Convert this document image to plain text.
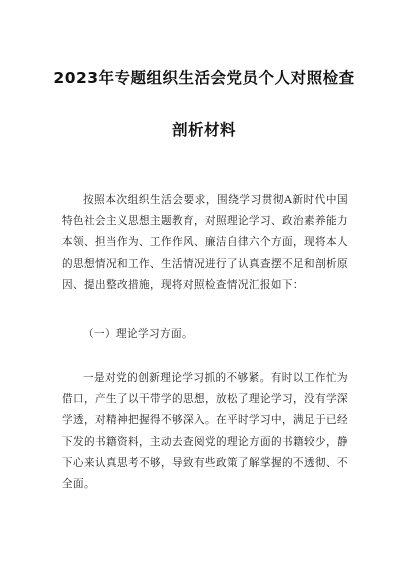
2023年专题组织生活会党员个人对照检查
剖析材料
按照本次组织生活会要求，围绕学习贯彻A新时代中国特色社会主义思想主题教育，对照理论学习、政治素养能力本领、担当作为、工作作风、廉洁自律六个方面，现将本人的思想情况和工作、生活情况进行了认真查摆不足和剖析原因、提出整改措施，现将对照检查情况汇报如下：
（一）理论学习方面。
一是对党的创新理论学习抓的不够紧。有时以工作忙为借口，产生了以干带学的思想，放松了理论学习，没有学深学透，对精神把握得不够深入。在平时学习中，满足于已经下发的书籍资料，主动去查阅党的理论方面的书籍较少，静下心来认真思考不够，导致有些政策了解掌握的不透彻、不全面。
